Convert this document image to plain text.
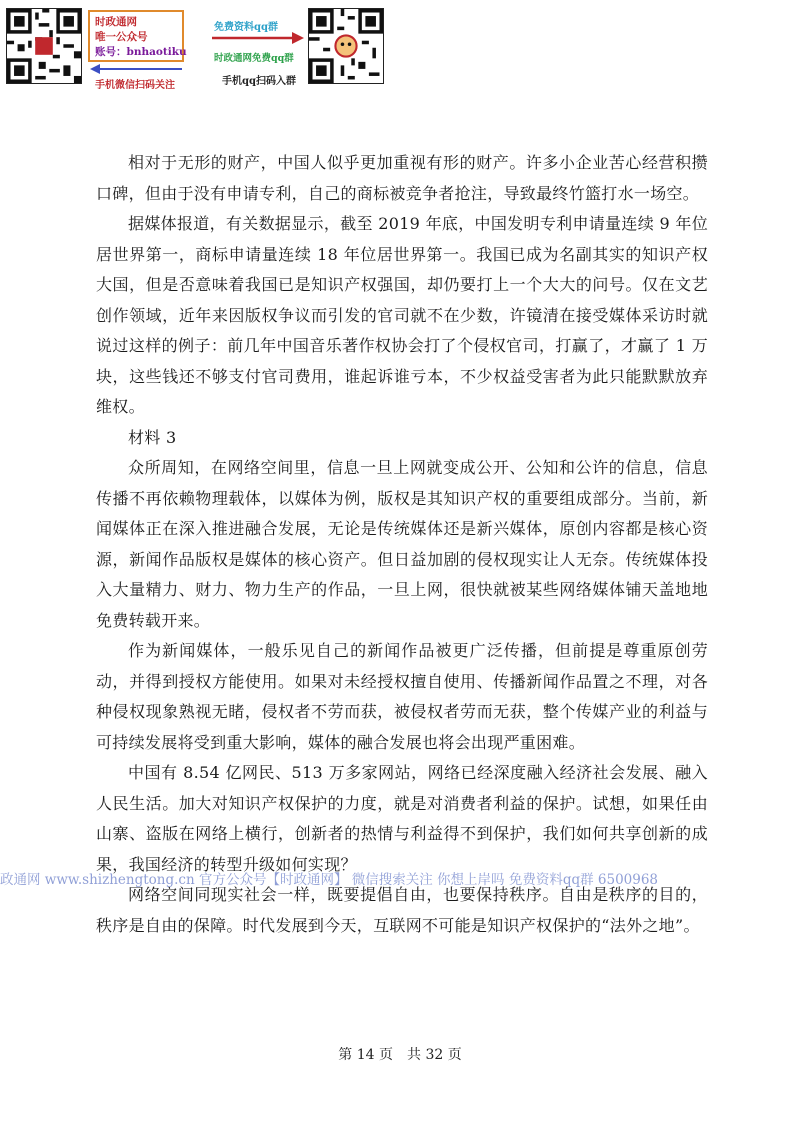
时政通网
唯一公众号
账号：bnhaotiku
手机微信扫码关注
免费资料qq群
时政通网免费qq群
手机qq扫码入群

相对于无形的财产，中国人似乎更加重视有形的财产。许多小企业苦心经营积攒口碑，但由于没有申请专利，自己的商标被竞争者抢注，导致最终竹篮打水一场空。

据媒体报道，有关数据显示，截至 2019 年底，中国发明专利申请量连续 9 年位居世界第一，商标申请量连续 18 年位居世界第一。我国已成为名副其实的知识产权大国，但是否意味着我国已是知识产权强国，却仍要打上一个大大的问号。仅在文艺创作领域，近年来因版权争议而引发的官司就不在少数，许镜清在接受媒体采访时就说过这样的例子：前几年中国音乐著作权协会打了个侵权官司，打赢了，才赢了 1 万块，这些钱还不够支付官司费用，谁起诉谁亏本，不少权益受害者为此只能默默放弃维权。

材料 3

众所周知，在网络空间里，信息一旦上网就变成公开、公知和公许的信息，信息传播不再依赖物理载体，以媒体为例，版权是其知识产权的重要组成部分。当前，新闻媒体正在深入推进融合发展，无论是传统媒体还是新兴媒体，原创内容都是核心资源，新闻作品版权是媒体的核心资产。但日益加剧的侵权现实让人无奈。传统媒体投入大量精力、财力、物力生产的作品，一旦上网，很快就被某些网络媒体铺天盖地地免费转载开来。

作为新闻媒体，一般乐见自己的新闻作品被更广泛传播，但前提是尊重原创劳动，并得到授权方能使用。如果对未经授权擅自使用、传播新闻作品置之不理，对各种侵权现象熟视无睹，侵权者不劳而获，被侵权者劳而无获，整个传媒产业的利益与可持续发展将受到重大影响，媒体的融合发展也将会出现严重困难。

中国有 8.54 亿网民、513 万多家网站，网络已经深度融入经济社会发展、融入人民生活。加大对知识产权保护的力度，就是对消费者利益的保护。试想，如果任由山寨、盗版在网络上横行，创新者的热情与利益得不到保护，我们如何共享创新的成果，我国经济的转型升级如何实现？

网络空间同现实社会一样，既要提倡自由，也要保持秩序。自由是秩序的目的，秩序是自由的保障。时代发展到今天，互联网不可能是知识产权保护的“法外之地”。

政通网 www.shizhengtong.cn 官方公众号【时政通网】 微信搜索关注 你想上岸吗 免费资料qq群 6500968
第 14 页　共 32 页
